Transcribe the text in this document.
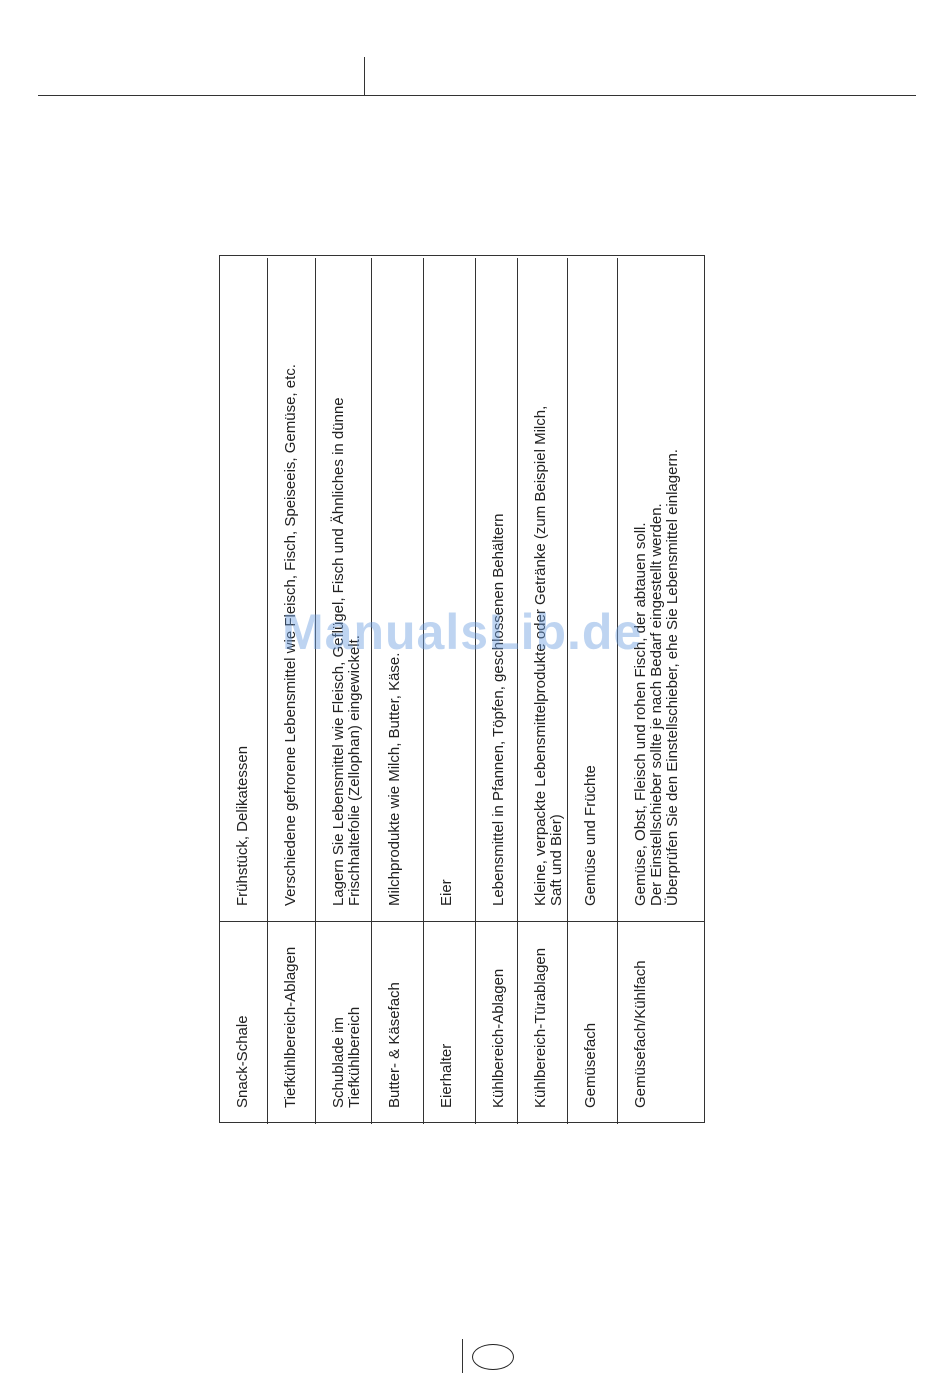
Snack-Schale
Frühstück, Delikatessen
Tiefkühlbereich-Ablagen
Verschiedene gefrorene Lebensmittel wie Fleisch, Fisch, Speiseeis, Gemüse, etc.
Schublade im Tiefkühlbereich
Lagern Sie Lebensmittel wie Fleisch, Geflügel, Fisch und Ähnliches in dünne Frischhaltefolie (Zellophan) eingewickelt.
Butter- & Käsefach
Milchprodukte wie Milch, Butter, Käse.
Eierhalter
Eier
Kühlbereich-Ablagen
Lebensmittel in Pfannen, Töpfen, geschlossenen Behältern
Kühlbereich-Türablagen
Kleine, verpackte Lebensmittelprodukte oder Getränke (zum Beispiel Milch, Saft und Bier)
Gemüsefach
Gemüse und Früchte
Gemüsefach/Kühlfach
Gemüse, Obst, Fleisch und rohen Fisch, der abtauen soll. Der Einstellschieber sollte je nach Bedarf eingestellt werden. Überprüfen Sie den Einstellschieber, ehe Sie Lebensmittel einlagern.
ManualsLib.de
